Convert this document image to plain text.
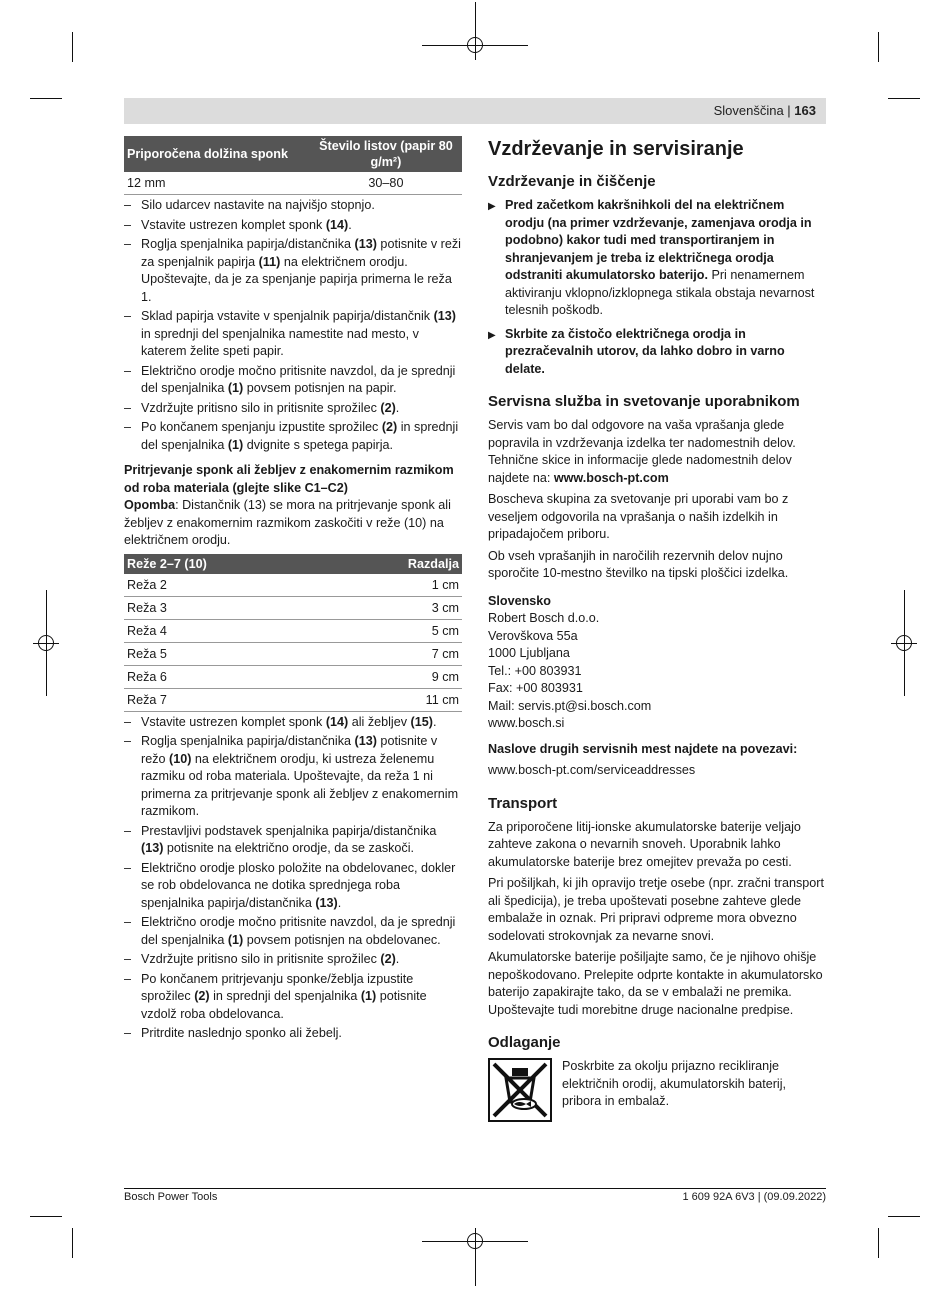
Slovenščina | 163
Priporočena dolžina sponk	Število listov (papir 80 g/m²)
12 mm	30–80
– Silo udarcev nastavite na najvišjo stopnjo.
– Vstavite ustrezen komplet sponk (14).
– Roglja spenjalnika papirja/distančnika (13) potisnite v reži za spenjalnik papirja (11) na električnem orodju. Upoštevajte, da je za spenjanje papirja primerna le reža 1.
– Sklad papirja vstavite v spenjalnik papirja/distančnik (13) in sprednji del spenjalnika namestite nad mesto, v katerem želite speti papir.
– Električno orodje močno pritisnite navzdol, da je sprednji del spenjalnika (1) povsem potisnjen na papir.
– Vzdržujte pritisno silo in pritisnite sprožilec (2).
– Po končanem spenjanju izpustite sprožilec (2) in sprednji del spenjalnika (1) dvignite s spetega papirja.
Pritrjevanje sponk ali žebljev z enakomernim razmikom od roba materiala (glejte slike C1–C2)

Opomba: Distančnik (13) se mora na pritrjevanje sponk ali žebljev z enakomernim razmikom zaskočiti v reže (10) na električnem orodju.

Reže 2–7 (10)	Razdalja
Reža 2	1 cm
Reža 3	3 cm
Reža 4	5 cm
Reža 5	7 cm
Reža 6	9 cm
Reža 7	11 cm
– Vstavite ustrezen komplet sponk (14) ali žebljev (15).
– Roglja spenjalnika papirja/distančnika (13) potisnite v režo (10) na električnem orodju, ki ustreza želenemu razmiku od roba materiala. Upoštevajte, da reža 1 ni primerna za pritrjevanje sponk ali žebljev z enakomernim razmikom.
– Prestavljivi podstavek spenjalnika papirja/distančnika (13) potisnite na električno orodje, da se zaskoči.
– Električno orodje plosko položite na obdelovanec, dokler se rob obdelovanca ne dotika sprednjega roba spenjalnika papirja/distančnika (13).
– Električno orodje močno pritisnite navzdol, da je sprednji del spenjalnika (1) povsem potisnjen na obdelovanec.
– Vzdržujte pritisno silo in pritisnite sprožilec (2).
– Po končanem pritrjevanju sponke/žeblja izpustite sprožilec (2) in sprednji del spenjalnika (1) potisnite vzdolž roba obdelovanca.
– Pritrdite naslednjo sponko ali žebelj.
Vzdrževanje in servisiranje
Vzdrževanje in čiščenje
▶ Pred začetkom kakršnihkoli del na električnem orodju (na primer vzdrževanje, zamenjava orodja in podobno) kakor tudi med transportiranjem in shranjevanjem je treba iz električnega orodja odstraniti akumulatorsko baterijo. Pri nenamernem aktiviranju vklopno/izklopnega stikala obstaja nevarnost telesnih poškodb.
▶ Skrbite za čistočo električnega orodja in prezračevalnih utorov, da lahko dobro in varno delate.
Servisna služba in svetovanje uporabnikom

Servis vam bo dal odgovore na vaša vprašanja glede popravila in vzdrževanja izdelka ter nadomestnih delov. Tehnične skice in informacije glede nadomestnih delov najdete na: www.bosch-pt.com

Boscheva skupina za svetovanje pri uporabi vam bo z veseljem odgovorila na vprašanja o naših izdelkih in pripadajočem priboru.

Ob vseh vprašanjih in naročilih rezervnih delov nujno sporočite 10-mestno številko na tipski ploščici izdelka.

Slovensko

Robert Bosch d.o.o.
Verovškova 55a
1000 Ljubljana
Tel.: +00 803931
Fax: +00 803931
Mail: servis.pt@si.bosch.com
www.bosch.si

Naslove drugih servisnih mest najdete na povezavi:

www.bosch-pt.com/serviceaddresses

Transport

Za priporočene litij-ionske akumulatorske baterije veljajo zahteve zakona o nevarnih snoveh. Uporabnik lahko akumulatorske baterije brez omejitev prevaža po cesti.

Pri pošiljkah, ki jih opravijo tretje osebe (npr. zračni transport ali špedicija), je treba upoštevati posebne zahteve glede embalaže in oznak. Pri pripravi odpreme mora obvezno sodelovati strokovnjak za nevarne snovi.

Akumulatorske baterije pošiljajte samo, če je njihovo ohišje nepoškodovano. Prelepite odprte kontakte in akumulatorsko baterijo zapakirajte tako, da se v embalaži ne premika. Upoštevajte tudi morebitne druge nacionalne predpise.

Odlaganje
Poskrbite za okolju prijazno recikliranje električnih orodij, akumulatorskih baterij, pribora in embalaž.
Bosch Power Tools	1 609 92A 6V3 | (09.09.2022)
